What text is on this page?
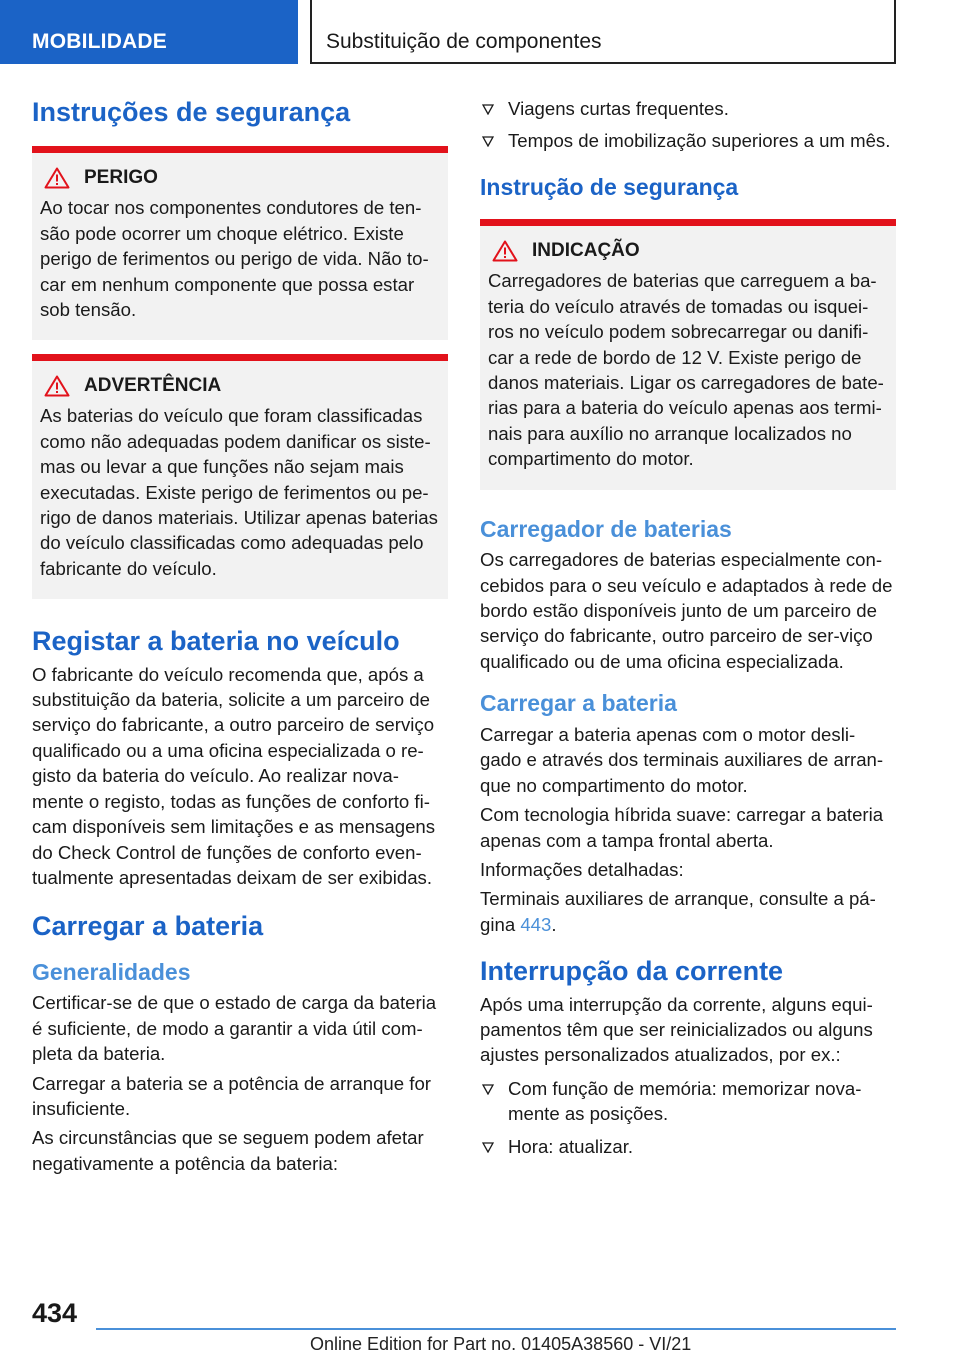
MOBILIDADE	Substituição de componentes
Instruções de segurança
PERIGO

Ao tocar nos componentes condutores de ten-são pode ocorrer um choque elétrico. Existe perigo de ferimentos ou perigo de vida. Não to-car em nenhum componente que possa estar sob tensão.

ADVERTÊNCIA

As baterias do veículo que foram classificadas como não adequadas podem danificar os siste-mas ou levar a que funções não sejam mais executadas. Existe perigo de ferimentos ou pe-rigo de danos materiais. Utilizar apenas baterias do veículo classificadas como adequadas pelo fabricante do veículo.

Registar a bateria no veículo

O fabricante do veículo recomenda que, após a substituição da bateria, solicite a um parceiro de serviço do fabricante, a outro parceiro de serviço qualificado ou a uma oficina especializada o re-gisto da bateria do veículo. Ao realizar nova-mente o registo, todas as funções de conforto fi-cam disponíveis sem limitações e as mensagens do Check Control de funções de conforto even-tualmente apresentadas deixam de ser exibidas.

Carregar a bateria
Generalidades

Certificar-se de que o estado de carga da bateria é suficiente, de modo a garantir a vida útil com-pleta da bateria.

Carregar a bateria se a potência de arranque for insuficiente.

As circunstâncias que se seguem podem afetar negativamente a potência da bateria:

Viagens curtas frequentes.
Tempos de imobilização superiores a um mês.
Instrução de segurança
INDICAÇÃO

Carregadores de baterias que carreguem a ba-teria do veículo através de tomadas ou isquei-ros no veículo podem sobrecarregar ou danifi-car a rede de bordo de 12 V. Existe perigo de danos materiais. Ligar os carregadores de bate-rias para a bateria do veículo apenas aos termi-nais para auxílio no arranque localizados no compartimento do motor.

Carregador de baterias

Os carregadores de baterias especialmente con-cebidos para o seu veículo e adaptados à rede de bordo estão disponíveis junto de um parceiro de serviço do fabricante, outro parceiro de ser-viço qualificado ou de uma oficina especializada.

Carregar a bateria

Carregar a bateria apenas com o motor desli-gado e através dos terminais auxiliares de arran-que no compartimento do motor.

Com tecnologia híbrida suave: carregar a bateria apenas com a tampa frontal aberta.

Informações detalhadas:

Terminais auxiliares de arranque, consulte a pá-gina 443.

Interrupção da corrente

Após uma interrupção da corrente, alguns equi-pamentos têm que ser reinicializados ou alguns ajustes personalizados atualizados, por ex.:

Com função de memória: memorizar nova-mente as posições.
Hora: atualizar.
434
Online Edition for Part no. 01405A38560 - VI/21
